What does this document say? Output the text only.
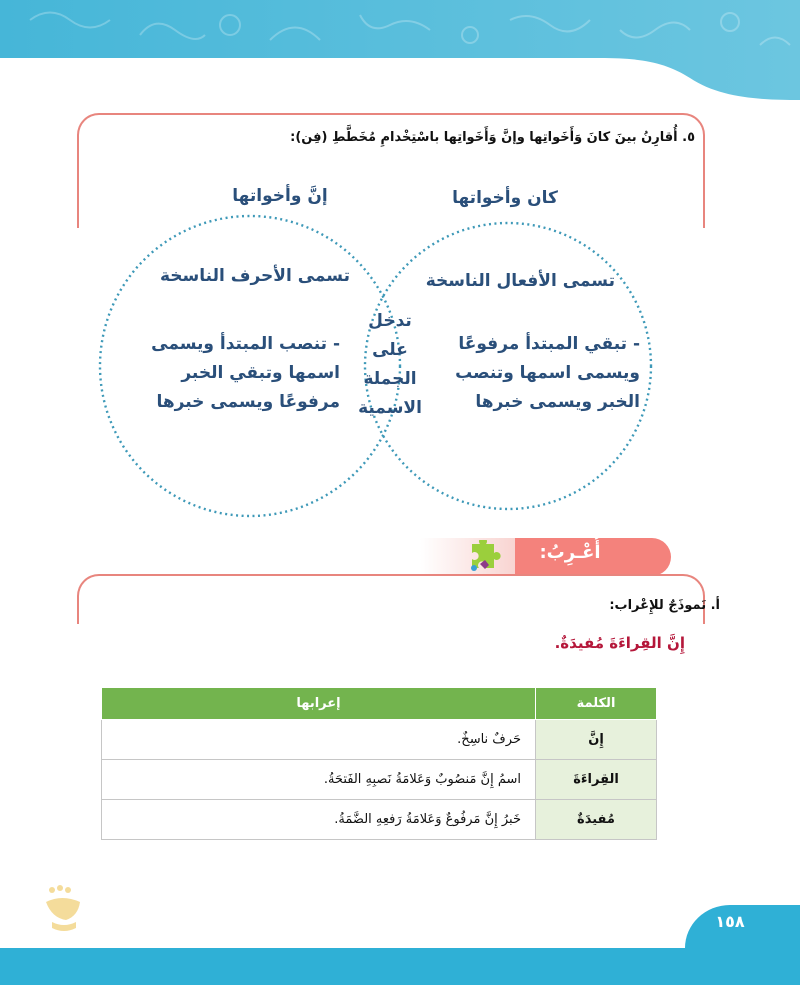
٥. أُقارِنُ بينَ كانَ وَأَخَواتِها وإنَّ وَأَخَواتِها باسْتِخْدامِ مُخَطَّطِ (فِن):
كان وأخواتها
إنَّ وأخواتها
تسمى الأفعال الناسخة
تسمى الأحرف الناسخة
- تبقي المبتدأ مرفوعًا
ويسمى اسمها وتنصب
الخبر ويسمى خبرها
- تنصب المبتدأ ويسمى
اسمها وتبقي الخبر
مرفوعًا ويسمى خبرها
تدخل
على
الجملة
الاسمية
أُعْـرِبُ:
أ. نَموذَجٌ للإِعْراب:
إِنَّ القِراءَةَ مُفيدَةٌ.
الكلمة	إعرابها
إِنَّ	حَرفٌ ناسِخٌ.
القِراءَةَ	اسمُ إِنَّ مَنصُوبٌ وَعَلامَةُ نَصبِهِ الفَتحَةُ.
مُفيدَةٌ	خَبرُ إِنَّ مَرفُوعٌ وَعَلامَةُ رَفعِهِ الضَّمَةُ.
١٥٨
